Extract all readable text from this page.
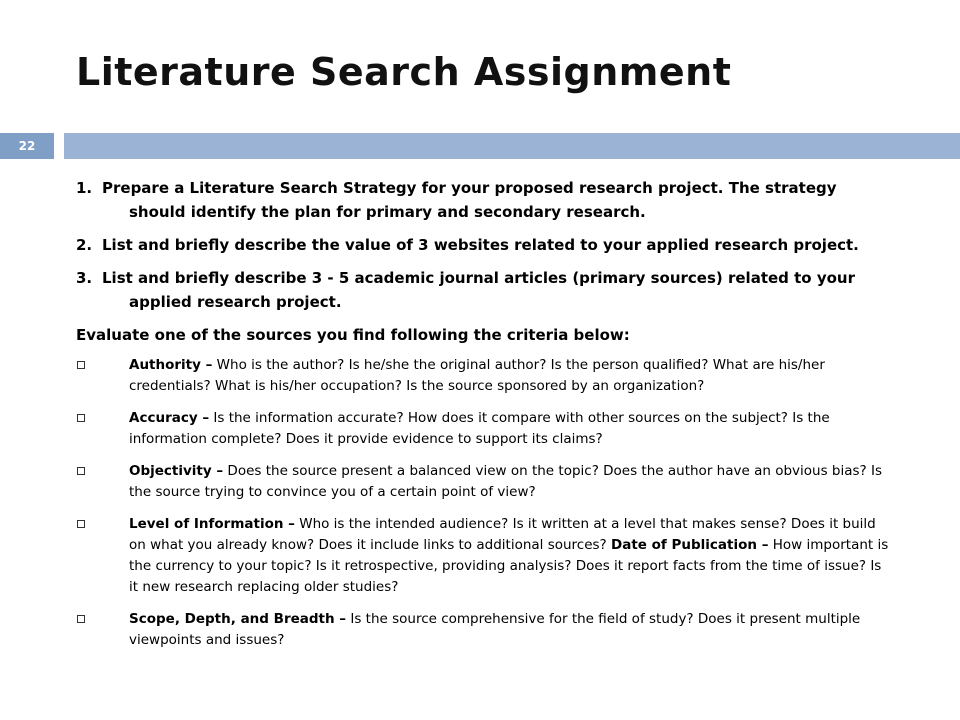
Literature Search Assignment
22
1. Prepare a Literature Search Strategy for your proposed research project. The strategy should identify the plan for primary and secondary research.
2. List and briefly describe the value of 3 websites related to your applied research project.
3. List and briefly describe 3 - 5 academic journal articles (primary sources) related to your applied research project.
Evaluate one of the sources you find following the criteria below:
Authority – Who is the author? Is he/she the original author? Is the person qualified? What are his/her credentials? What is his/her occupation? Is the source sponsored by an organization?
Accuracy – Is the information accurate? How does it compare with other sources on the subject? Is the information complete? Does it provide evidence to support its claims?
Objectivity – Does the source present a balanced view on the topic? Does the author have an obvious bias? Is the source trying to convince you of a certain point of view?
Level of Information – Who is the intended audience? Is it written at a level that makes sense? Does it build on what you already know? Does it include links to additional sources? Date of Publication – How important is the currency to your topic? Is it retrospective, providing analysis? Does it report facts from the time of issue? Is it new research replacing older studies?
Scope, Depth, and Breadth – Is the source comprehensive for the field of study? Does it present multiple viewpoints and issues?
